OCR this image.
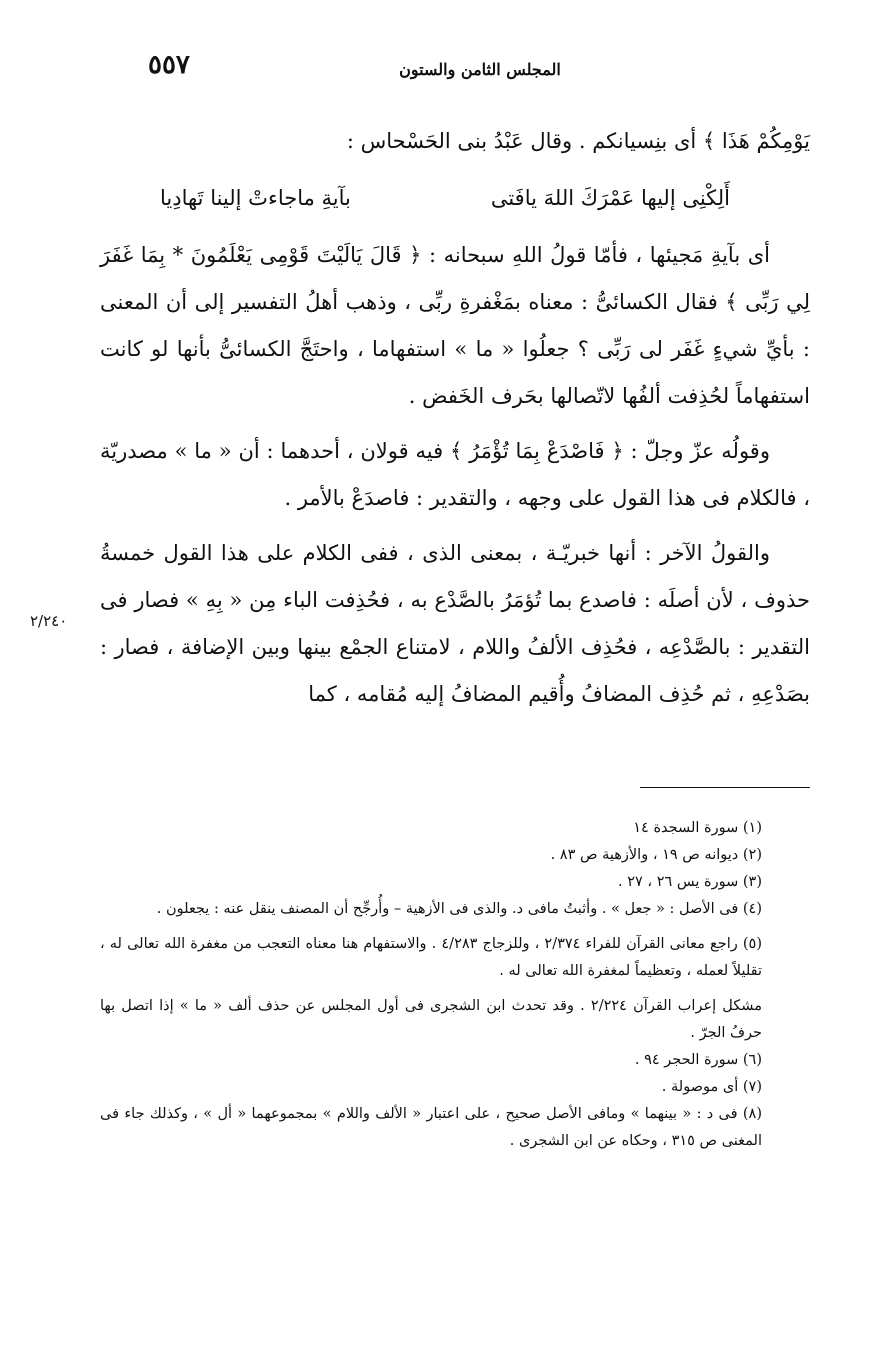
٥٥٧	المجلس الثامن والستون

يَوْمِكُمْ هَذَا ﴾ أى بنِسيانكم . وقال عَبْدُ بنى الحَسْحاس :

أَلِكْنِى إليها عَمْرَكَ اللهَ يافَتى
بآيةِ ماجاءتْ إلينا تَهادِيا

أى بآيةِ مَجيئها ، فأمّا قولُ اللهِ سبحانه : ﴿ قَالَ يَالَيْتَ قَوْمِى يَعْلَمُونَ * بِمَا غَفَرَ لِي رَبِّى ﴾ فقال الكسائىُّ : معناه بمَغْفرةِ ربِّى ، وذهب أهلُ التفسير إلى أن المعنى : بأيِّ شيءٍ غَفَر لى رَبِّى ؟ جعلُوا « ما » استفهاما ، واحتَجَّ الكسائىُّ بأنها لو كانت استفهاماً لحُذِفت ألفُها لاتّصالها بحَرف الخَفض .

وقولُه عزّ وجلّ : ﴿ فَاصْدَعْ بِمَا تُؤْمَرُ ﴾ فيه قولان ، أحدهما : أن « ما » مصدريّة ، فالكلام فى هذا القول على وجهه ، والتقدير : فاصدَعْ بالأمر .

والقولُ الآخر : أنها خبريّـة ، بمعنى الذى ، ففى الكلام على هذا القول خمسةُ حذوف ، لأن أصلَه : فاصدع بما تُؤمَرُ بالصَّدْع به ، فحُذِفت الباء مِن « بِهِ » فصار فى التقدير : بالصَّدْعِه ، فحُذِف الألفُ واللام ، لامتناع الجمْع بينها وبين الإضافة ، فصار : بصَدْعِهِ ، ثم حُذِف المضافُ وأُقيم المضافُ إليه مُقامه ، كما

٢/٢٤٠
(١) سورة السجدة ١٤
(٢) ديوانه ص ١٩ ، والأزهية ص ٨٣ .
(٣) سورة يس ٢٦ ، ٢٧ .
(٤) فى الأصل : « جعل » . وأثبتُ مافى د. والذى فى الأزهية – وأُرجِّح أن المصنف ينقل عنه : يجعلون .
(٥) راجع معانى القرآن للفراء ٢/٣٧٤ ، وللزجاج ٤/٢٨٣ . والاستفهام هنا معناه التعجب من مغفرة الله تعالى له ، تقليلاً لعمله ، وتعظيماً لمغفرة الله تعالى له .
مشكل إعراب القرآن ٢/٢٢٤ . وقد تحدث ابن الشجرى فى أول المجلس عن حذف ألف « ما » إذا اتصل بها حرفُ الجرّ .
(٦) سورة الحجر ٩٤ .
(٧) أى موصولة .
(٨) فى د : « بينهما » ومافى الأصل صحيح ، على اعتبار « الألف واللام » بمجموعهما « أل » ، وكذلك جاء فى المغنى ص ٣١٥ ، وحكاه عن ابن الشجرى .
